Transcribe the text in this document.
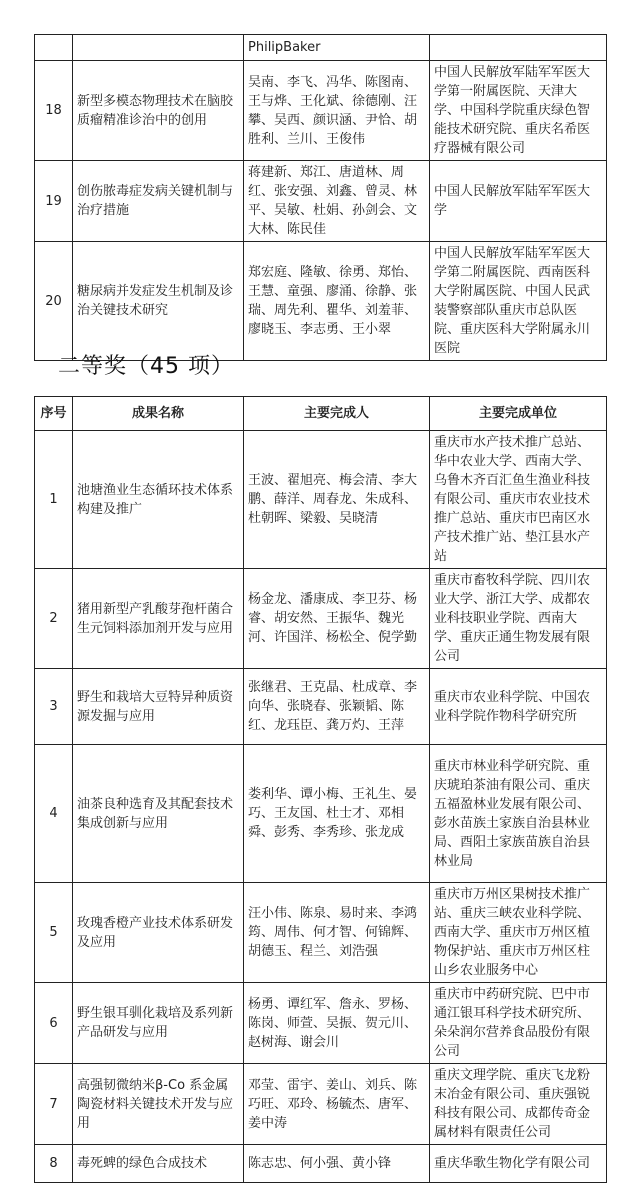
		PhilipBaker	
18	新型多模态物理技术在脑胶质瘤精准诊治中的创用	吴南、李飞、冯华、陈图南、王与烨、王化斌、徐德刚、汪攀、吴西、颜识涵、尹恰、胡胜利、兰川、王俊伟	中国人民解放军陆军军医大学第一附属医院、天津大学、中国科学院重庆绿色智能技术研究院、重庆名希医疗器械有限公司
19	创伤脓毒症发病关键机制与治疗措施	蒋建新、郑江、唐道林、周红、张安强、刘鑫、曾灵、林平、吴敏、杜娟、孙剑会、文大林、陈民佳	中国人民解放军陆军军医大学
20	糖尿病并发症发生机制及诊治关键技术研究	郑宏庭、隆敏、徐勇、郑怡、王慧、童强、廖涌、徐静、张瑞、周先利、瞿华、刘羞菲、廖晓玉、李志勇、王小翠	中国人民解放军陆军军医大学第二附属医院、西南医科大学附属医院、中国人民武装警察部队重庆市总队医院、重庆医科大学附属永川医院
二等奖（45 项）
序号	成果名称	主要完成人	主要完成单位
1	池塘渔业生态循环技术体系构建及推广	王波、翟旭亮、梅会清、李大鹏、薛洋、周春龙、朱成科、杜朝晖、梁毅、吴晓清	重庆市水产技术推广总站、华中农业大学、西南大学、乌鲁木齐百汇鱼生渔业科技有限公司、重庆市农业技术推广总站、重庆市巴南区水产技术推广站、垫江县水产站
2	猪用新型产乳酸芽孢杆菌合生元饲料添加剂开发与应用	杨金龙、潘康成、李卫芬、杨睿、胡安然、王振华、魏光河、许国洋、杨松全、倪学勤	重庆市畜牧科学院、四川农业大学、浙江大学、成都农业科技职业学院、西南大学、重庆正通生物发展有限公司
3	野生和栽培大豆特异种质资源发掘与应用	张继君、王克晶、杜成章、李向华、张晓春、张颖韬、陈红、龙珏臣、龚万灼、王萍	重庆市农业科学院、中国农业科学院作物科学研究所
4	油茶良种选育及其配套技术集成创新与应用	娄利华、谭小梅、王礼生、晏巧、王友国、杜士才、邓相舜、彭秀、李秀珍、张龙成	重庆市林业科学研究院、重庆琥珀茶油有限公司、重庆五福盈林业发展有限公司、彭水苗族土家族自治县林业局、酉阳土家族苗族自治县林业局
5	玫瑰香橙产业技术体系研发及应用	汪小伟、陈泉、易时来、李鸿筠、周伟、何才智、何锦辉、胡德玉、程兰、刘浩强	重庆市万州区果树技术推广站、重庆三峡农业科学院、西南大学、重庆市万州区植物保护站、重庆市万州区柱山乡农业服务中心
6	野生银耳驯化栽培及系列新产品研发与应用	杨勇、谭红军、詹永、罗杨、陈岗、师萱、吴振、贺元川、赵树海、谢会川	重庆市中药研究院、巴中市通江银耳科学技术研究所、朵朵润尔营养食品股份有限公司
7	高强韧微纳米β-Co 系金属陶瓷材料关键技术开发与应用	邓莹、雷宇、姜山、刘兵、陈巧旺、邓玲、杨毓杰、唐军、姜中涛	重庆文理学院、重庆飞龙粉末冶金有限公司、重庆强锐科技有限公司、成都传奇金属材料有限责任公司
8	毒死蜱的绿色合成技术	陈志忠、何小强、黄小锋	重庆华歌生物化学有限公司
